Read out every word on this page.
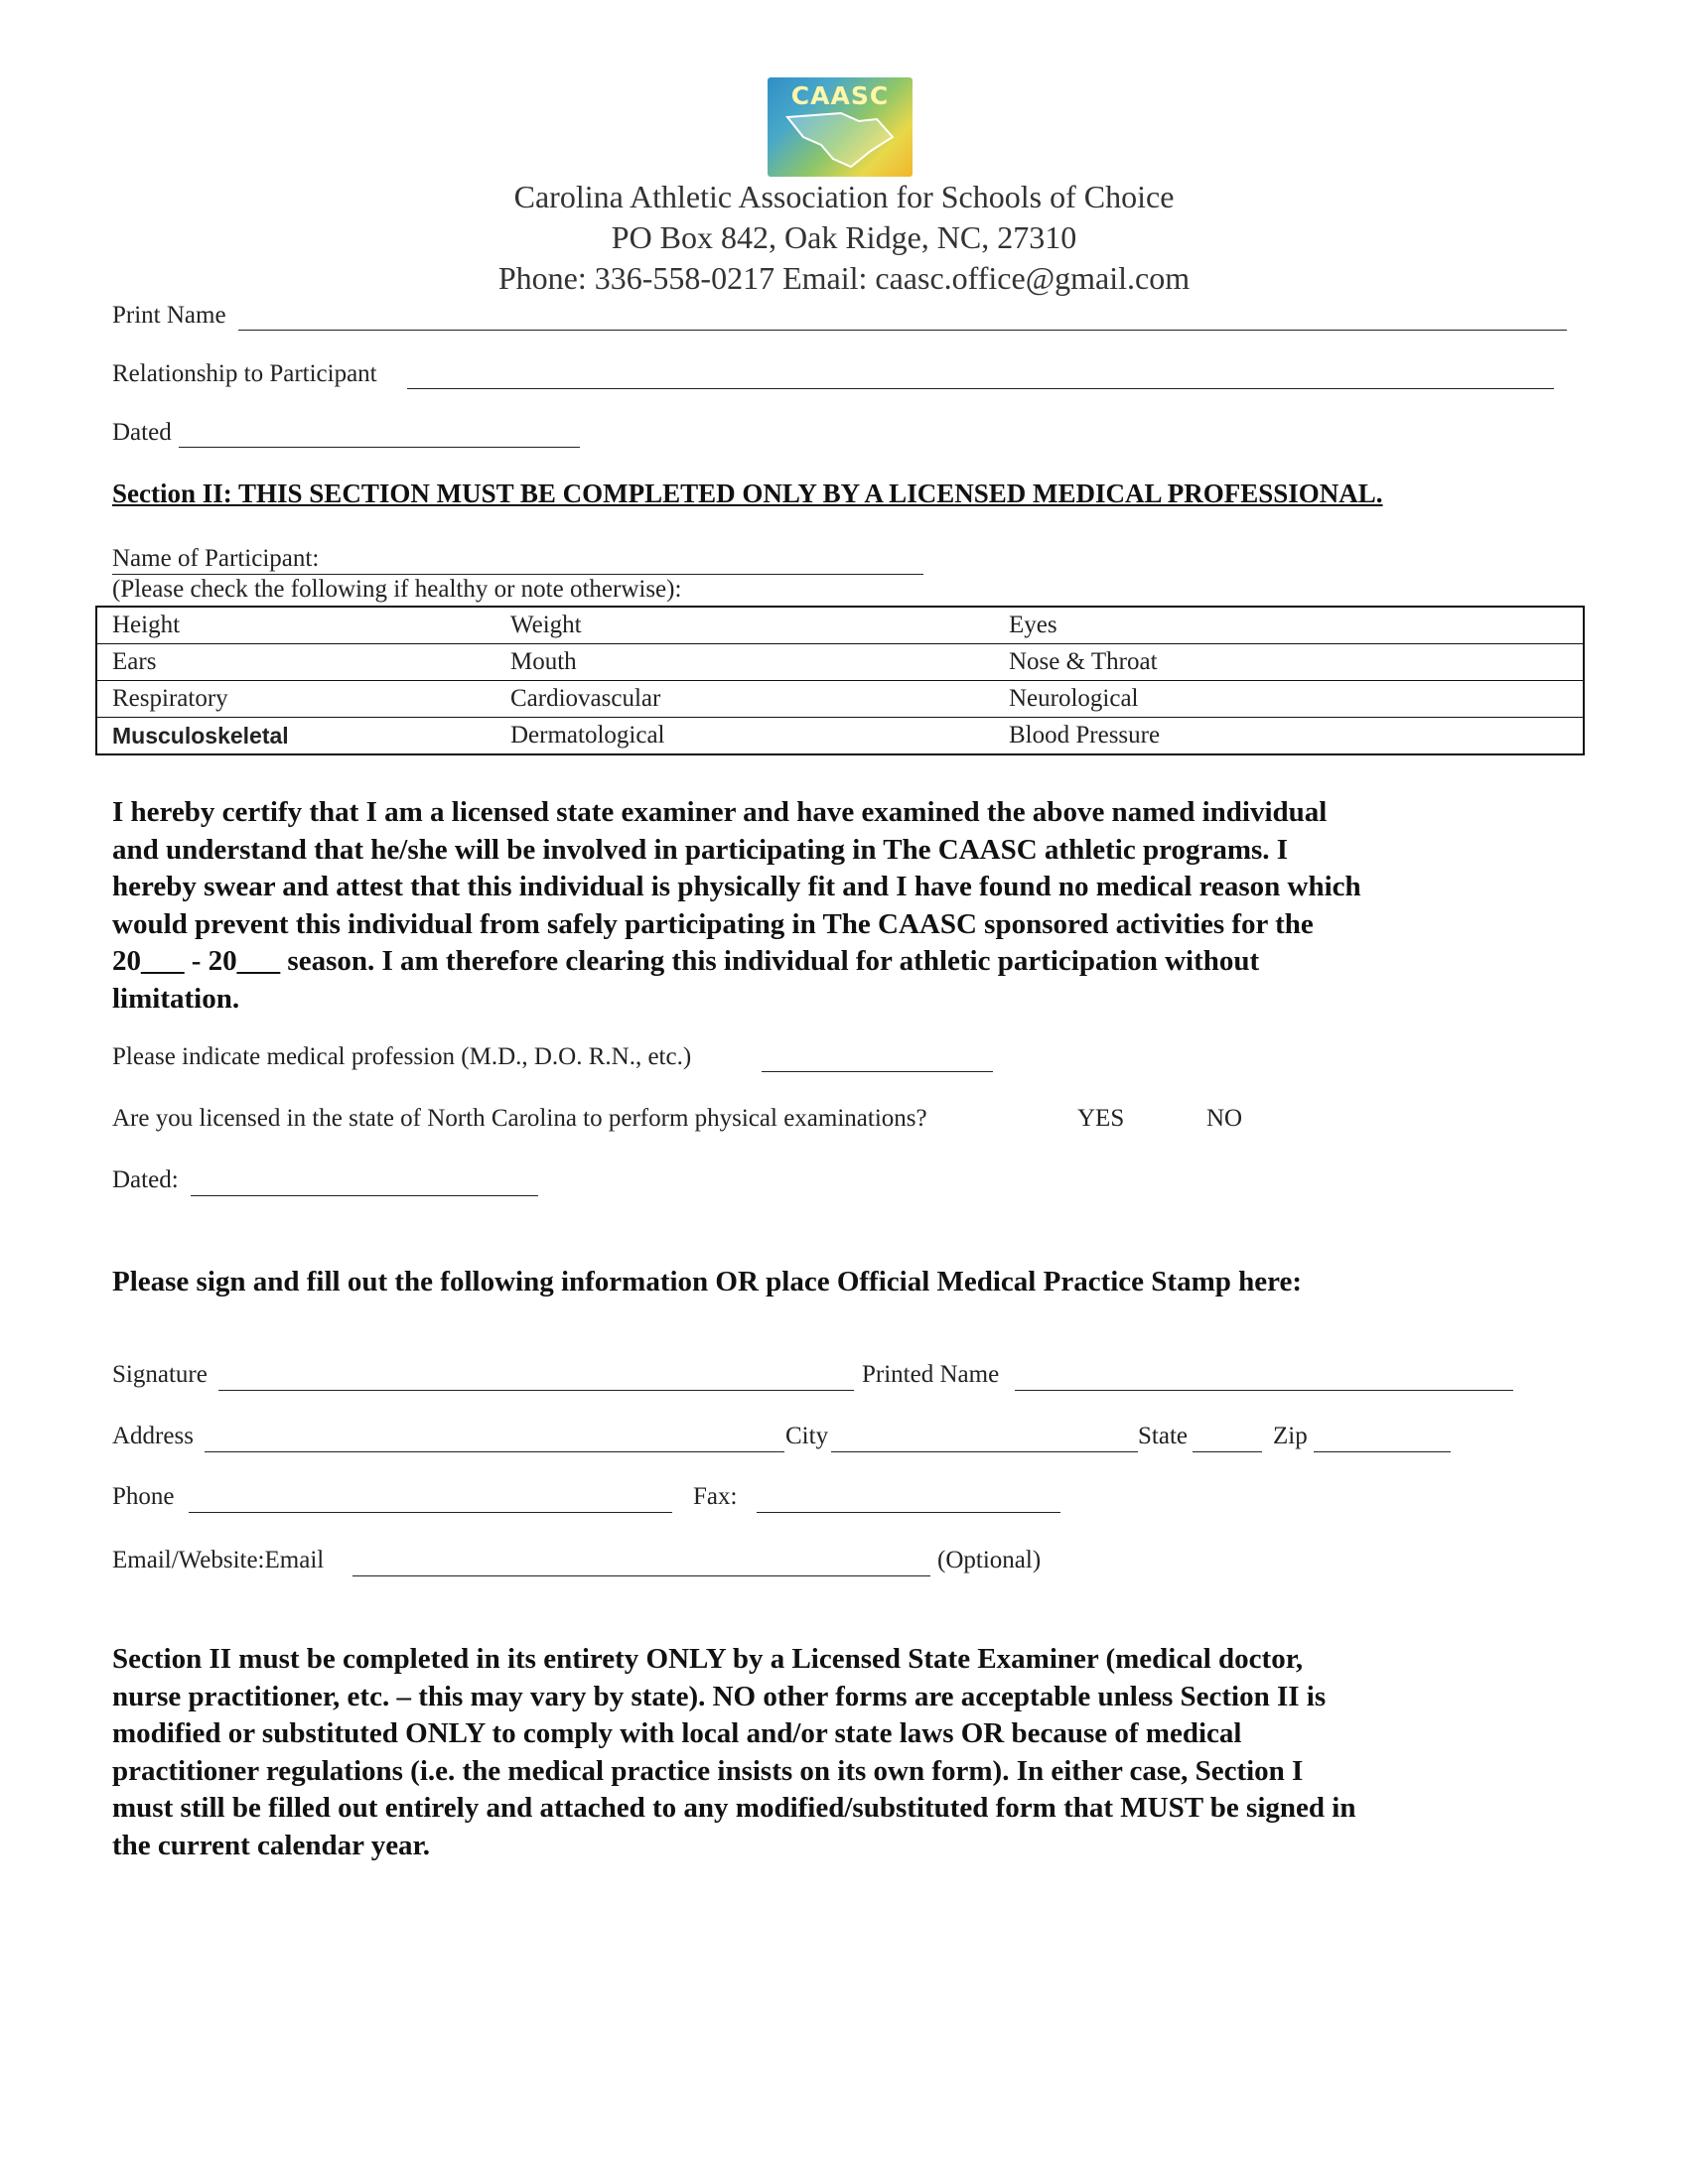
CAASC
Carolina Athletic Association for Schools of Choice
PO Box 842, Oak Ridge, NC, 27310
Phone: 336-558-0217 Email: caasc.office@gmail.com
Print Name
Relationship to Participant
Dated
Section II: THIS SECTION MUST BE COMPLETED ONLY BY A LICENSED MEDICAL PROFESSIONAL.
Name of Participant:
(Please check the following if healthy or note otherwise):
Height	Weight	Eyes
Ears	Mouth	Nose & Throat
Respiratory	Cardiovascular	Neurological
Musculoskeletal	Dermatological	Blood Pressure
I hereby certify that I am a licensed state examiner and have examined the above named individual
and understand that he/she will be involved in participating in The CAASC athletic programs. I
hereby swear and attest that this individual is physically fit and I have found no medical reason which
would prevent this individual from safely participating in The CAASC sponsored activities for the
20___ - 20___ season. I am therefore clearing this individual for athletic participation without
limitation.
Please indicate medical profession (M.D., D.O. R.N., etc.)
Are you licensed in the state of North Carolina to perform physical examinations?	YES	NO
Dated:
Please sign and fill out the following information OR place Official Medical Practice Stamp here:
Signature	Printed Name
Address	City	State	Zip
Phone	Fax:
Email/Website:Email	(Optional)
Section II must be completed in its entirety ONLY by a Licensed State Examiner (medical doctor,
nurse practitioner, etc. – this may vary by state). NO other forms are acceptable unless Section II is
modified or substituted ONLY to comply with local and/or state laws OR because of medical
practitioner regulations (i.e. the medical practice insists on its own form). In either case, Section I
must still be filled out entirely and attached to any modified/substituted form that MUST be signed in
the current calendar year.
